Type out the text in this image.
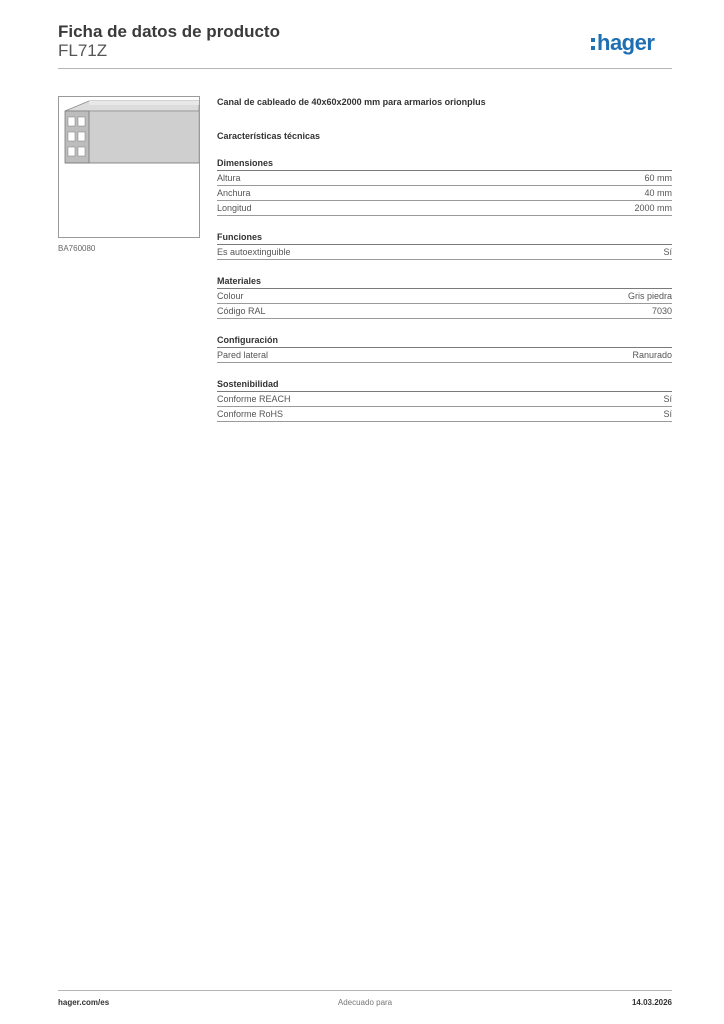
Ficha de datos de producto
FL71Z	hager
BA760080

Canal de cableado de 40x60x2000 mm para armarios orionplus

Características técnicas
Dimensiones
Altura	60 mm
Anchura	40 mm
Longitud	2000 mm
Funciones
Es autoextinguible	Sí
Materiales
Colour	Gris piedra
Código RAL	7030
Configuración
Pared lateral	Ranurado
Sostenibilidad
Conforme REACH	Sí
Conforme RoHS	Sí
hager.com/es	Adecuado para	14.03.2026
